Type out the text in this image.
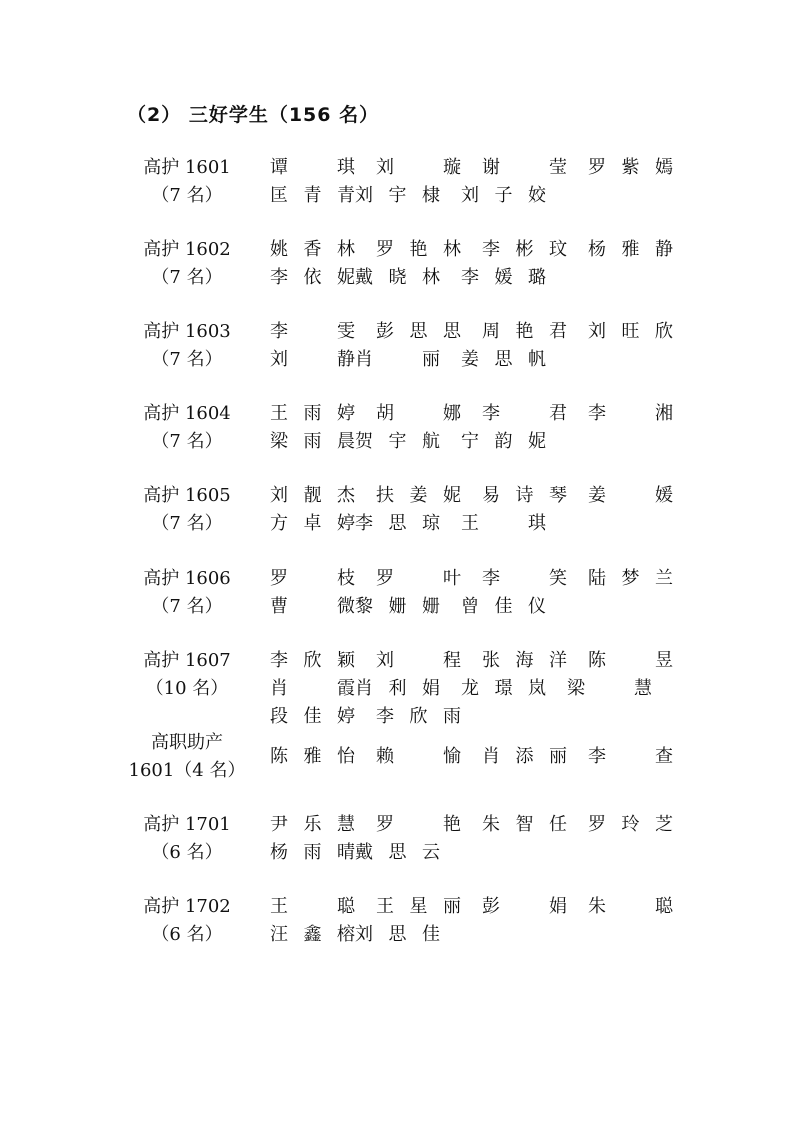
（2） 三好学生（156 名）
高护 1601
（7 名）
谭 琪	刘 璇	谢 莹	罗紫嫣
匡青青 刘宇棣	刘子姣
高护 1602
（7 名）
姚香林	罗艳林	李彬玟	杨雅静
李依妮 戴晓林	李媛璐
高护 1603
（7 名）
李 雯	彭思思	周艳君	刘旺欣
刘 静 肖 丽	姜思帆
高护 1604
（7 名）
王雨婷	胡 娜	李 君	李 湘
梁雨晨 贺宇航	宁韵妮
高护 1605
（7 名）
刘靓杰	扶姜妮	易诗琴	姜 媛
方卓婷 李思琼	王 琪
高护 1606
（7 名）
罗 枝	罗 叶	李 笑	陆梦兰
曹 微 黎姗姗	曾佳仪
高护 1607
（10 名）
李欣颖	刘 程	张海洋	陈 昱
肖 霞 肖利娟	龙璟岚	梁 慧
段佳婷	李欣雨
高职助产
1601（4 名）
陈雅怡	赖 愉	肖添丽	李 查
高护 1701
（6 名）
尹乐慧	罗 艳	朱智任	罗玲芝
杨雨晴 戴思云
高护 1702
（6 名）
王 聪	王星丽	彭 娟	朱 聪
汪鑫榕 刘思佳
